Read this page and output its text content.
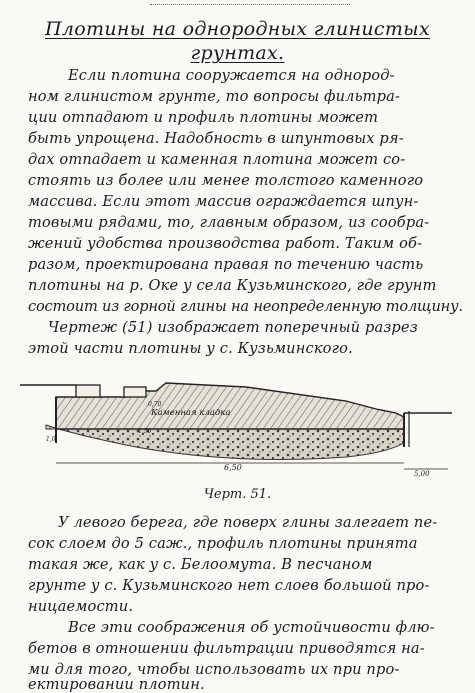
Плотины на однородных глинистых
грунтах.
Если плотина сооружается на однород-
ном глинистом грунте, то вопросы фильтра-
ции отпадают и профиль плотины может
быть упрощена. Надобность в шпунтовых ря-
дах отпадает и каменная плотина может со-
стоять из более или менее толстого каменного
массива. Если этот массив ограждается шпун-
товыми рядами, то, главным образом, из сообра-
жений удобства производства работ. Таким об-
разом, проектирована правая по течению часть
плотины на р. Оке у села Кузьминского, где грунт
состоит из горной глины на неопределенную толщину.
Чертеж (51) изображает поперечный разрез
этой части плотины у с. Кузьминского.
0,70
Каменная кладка
1,50
1,0
6,50
5,00
Черт. 51.
У левого берега, где поверх глины залегает пе-
сок слоем до 5 саж., профиль плотины принята
такая же, как у с. Белоомута. В песчаном
грунте у с. Кузьминского нет слоев большой про-
ницаемости.
Все эти соображения об устойчивости флю-
бетов в отношении фильтрации приводятся на-
ми для того, чтобы использовать их при про-
ектировании плотин.
